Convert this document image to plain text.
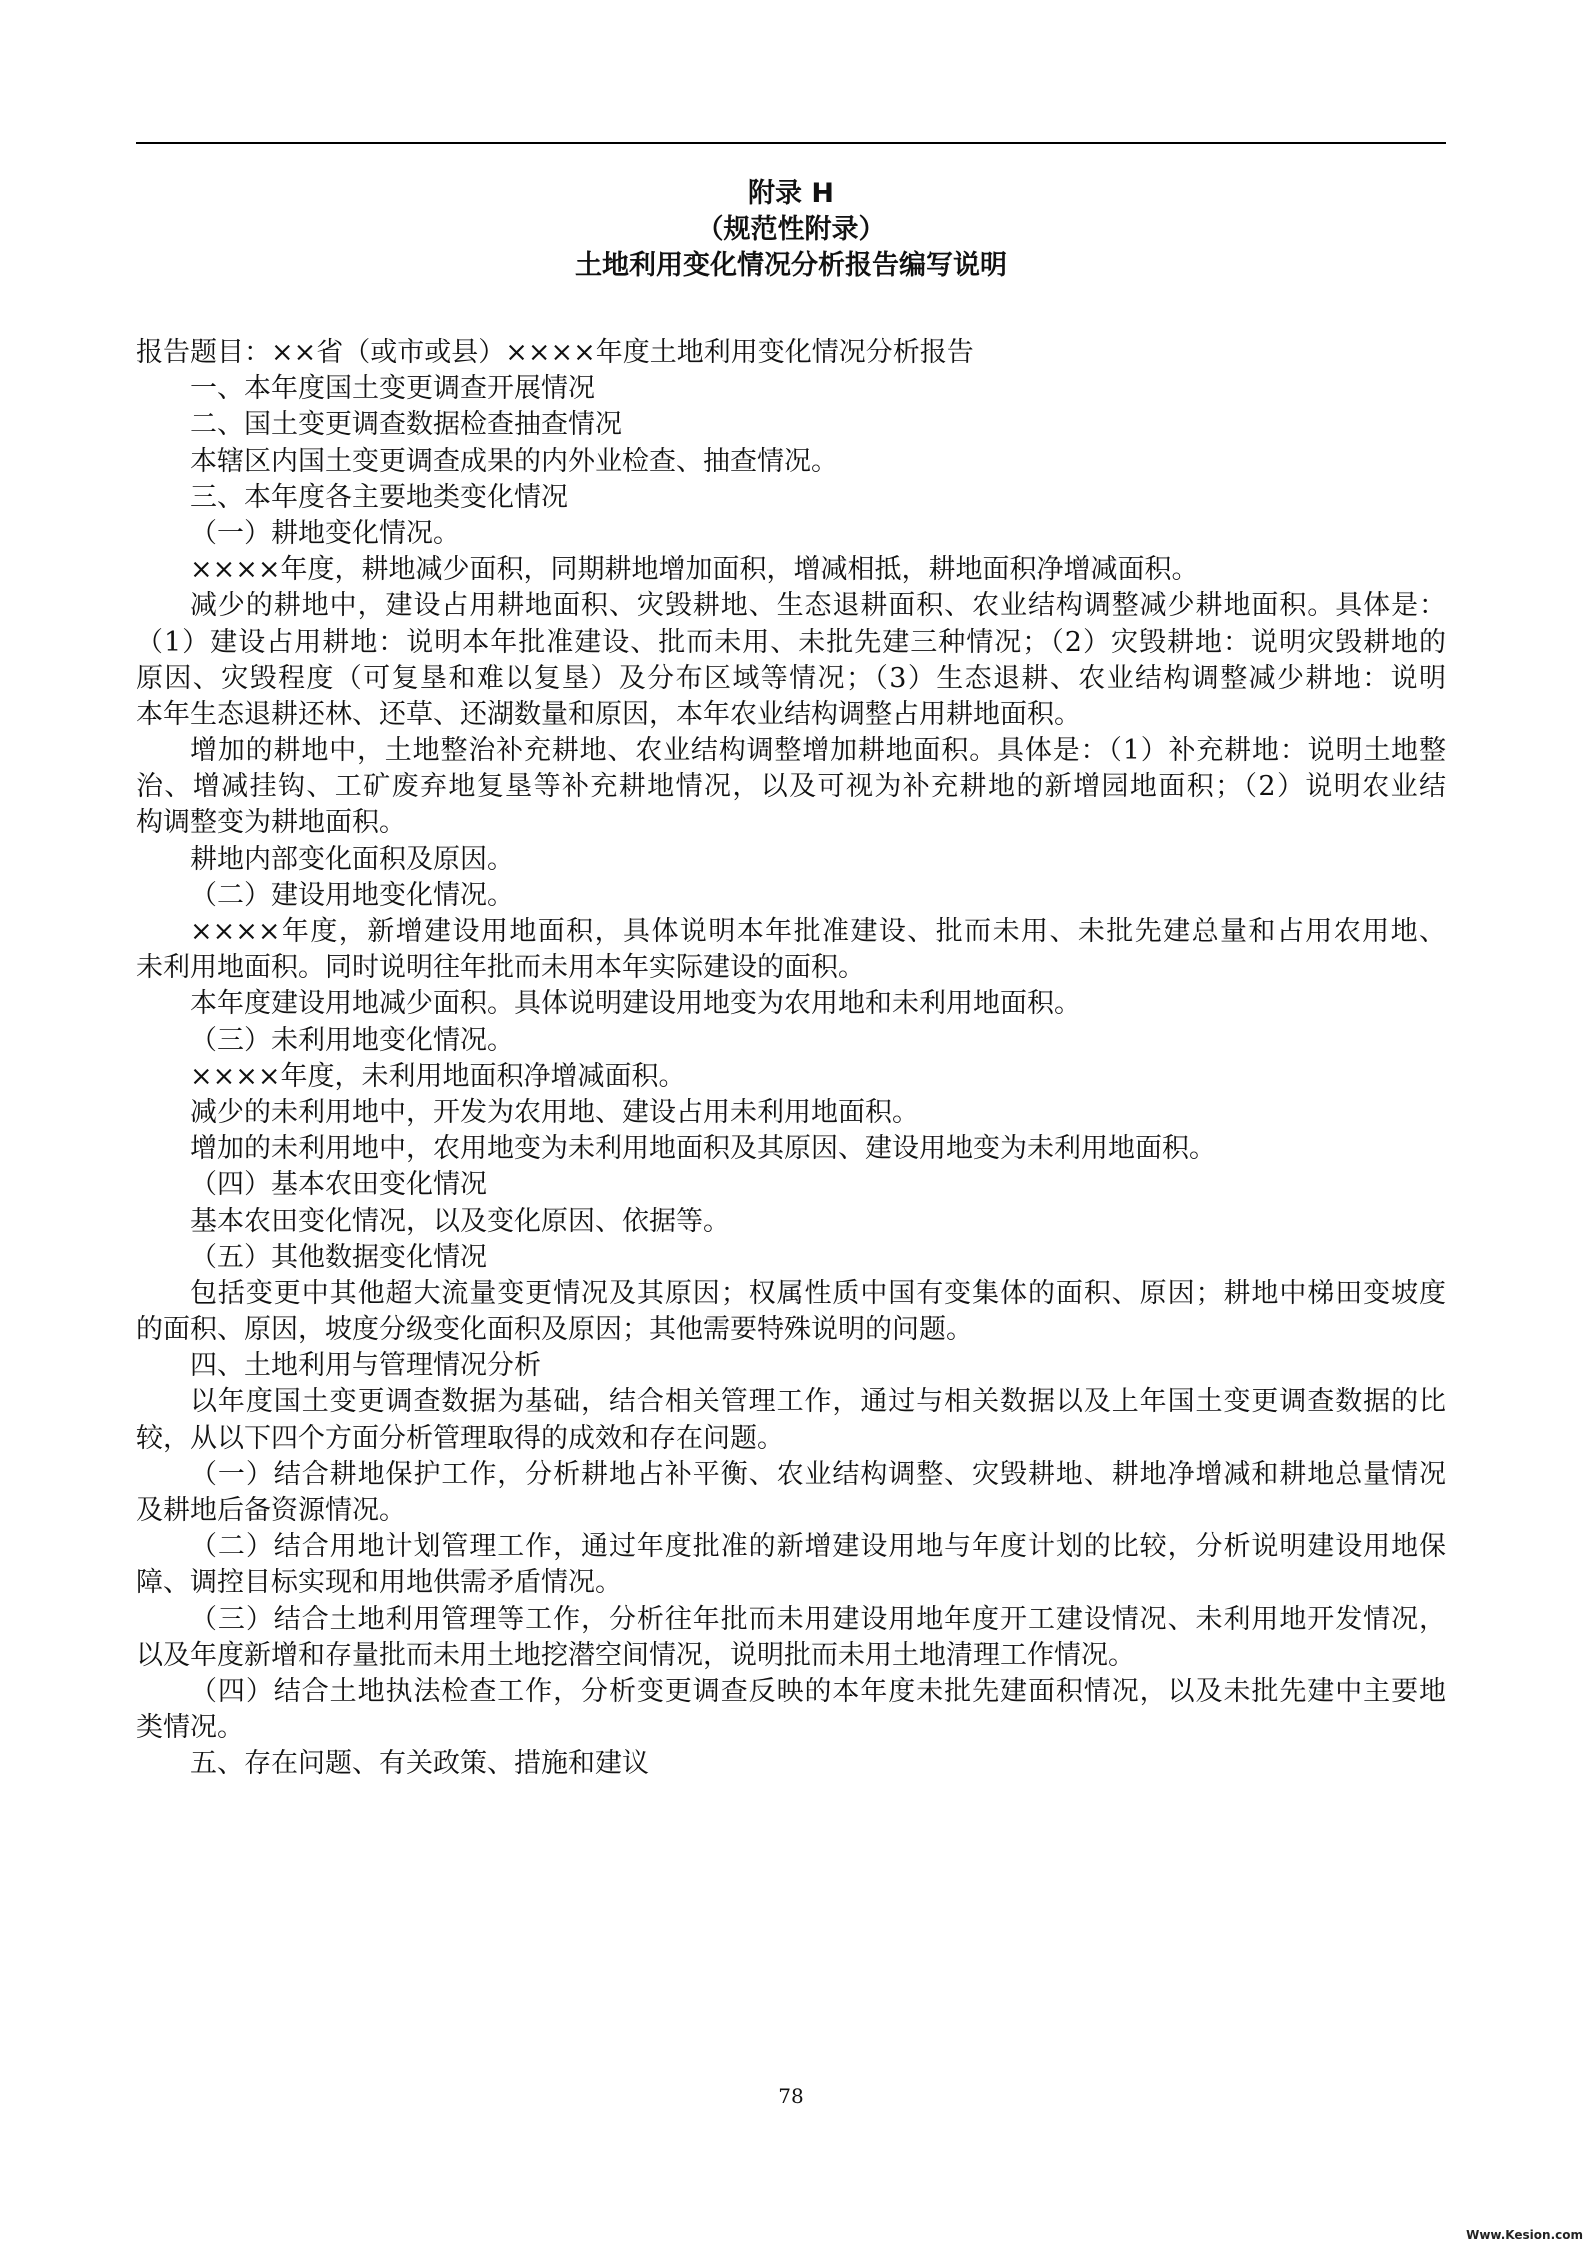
附录 H
（规范性附录）
土地利用变化情况分析报告编写说明
报告题目：××省（或市或县）××××年度土地利用变化情况分析报告
一、本年度国土变更调查开展情况
二、国土变更调查数据检查抽查情况
本辖区内国土变更调查成果的内外业检查、抽查情况。
三、本年度各主要地类变化情况
（一）耕地变化情况。
××××年度，耕地减少面积，同期耕地增加面积，增减相抵，耕地面积净增减面积。
减少的耕地中，建设占用耕地面积、灾毁耕地、生态退耕面积、农业结构调整减少耕地面积。具体是：
（1）建设占用耕地：说明本年批准建设、批而未用、未批先建三种情况；（2）灾毁耕地：说明灾毁耕地的
原因、灾毁程度（可复垦和难以复垦）及分布区域等情况；（3）生态退耕、农业结构调整减少耕地：说明
本年生态退耕还林、还草、还湖数量和原因，本年农业结构调整占用耕地面积。
增加的耕地中，土地整治补充耕地、农业结构调整增加耕地面积。具体是：（1）补充耕地：说明土地整
治、增减挂钩、工矿废弃地复垦等补充耕地情况，以及可视为补充耕地的新增园地面积；（2）说明农业结
构调整变为耕地面积。
耕地内部变化面积及原因。
（二）建设用地变化情况。
××××年度，新增建设用地面积，具体说明本年批准建设、批而未用、未批先建总量和占用农用地、
未利用地面积。同时说明往年批而未用本年实际建设的面积。
本年度建设用地减少面积。具体说明建设用地变为农用地和未利用地面积。
（三）未利用地变化情况。
××××年度，未利用地面积净增减面积。
减少的未利用地中，开发为农用地、建设占用未利用地面积。
增加的未利用地中，农用地变为未利用地面积及其原因、建设用地变为未利用地面积。
（四）基本农田变化情况
基本农田变化情况，以及变化原因、依据等。
（五）其他数据变化情况
包括变更中其他超大流量变更情况及其原因；权属性质中国有变集体的面积、原因；耕地中梯田变坡度
的面积、原因，坡度分级变化面积及原因；其他需要特殊说明的问题。
四、土地利用与管理情况分析
以年度国土变更调查数据为基础，结合相关管理工作，通过与相关数据以及上年国土变更调查数据的比
较，从以下四个方面分析管理取得的成效和存在问题。
（一）结合耕地保护工作，分析耕地占补平衡、农业结构调整、灾毁耕地、耕地净增减和耕地总量情况
及耕地后备资源情况。
（二）结合用地计划管理工作，通过年度批准的新增建设用地与年度计划的比较，分析说明建设用地保
障、调控目标实现和用地供需矛盾情况。
（三）结合土地利用管理等工作，分析往年批而未用建设用地年度开工建设情况、未利用地开发情况，
以及年度新增和存量批而未用土地挖潜空间情况，说明批而未用土地清理工作情况。
（四）结合土地执法检查工作，分析变更调查反映的本年度未批先建面积情况，以及未批先建中主要地
类情况。
五、存在问题、有关政策、措施和建议
78
Www.Kesion.com
